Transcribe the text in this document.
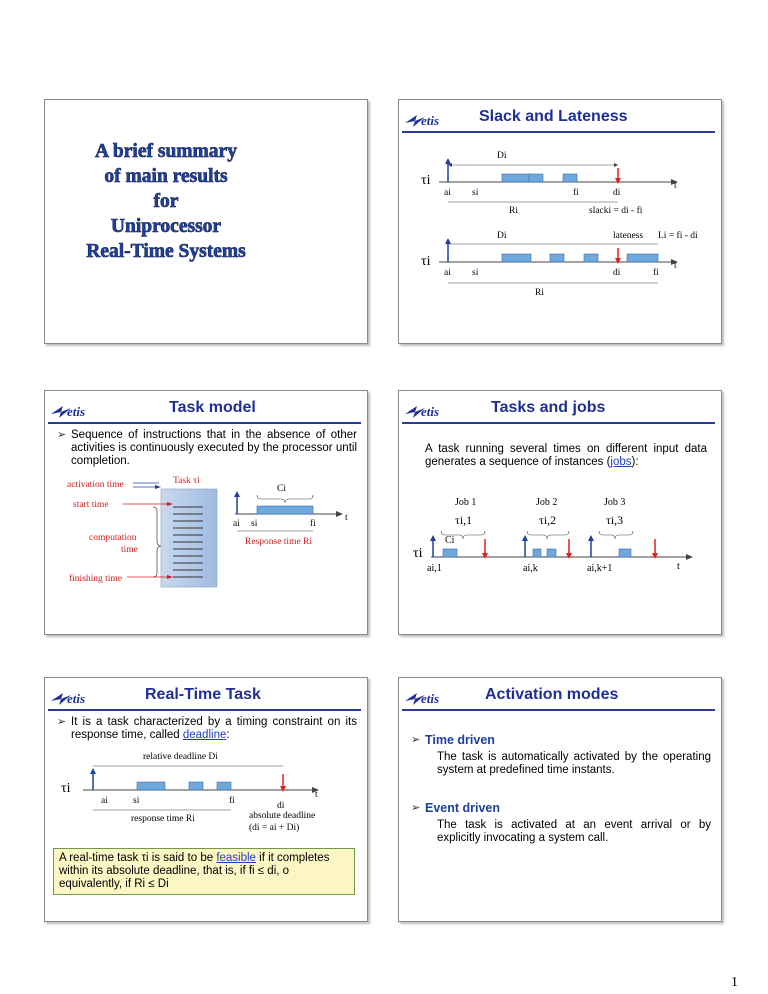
A brief summary
of main results
for
Uniprocessor
Real-Time Systems
etis Slack and Lateness
Di
τi
ai si	fi	di
t
Ri	slacki = di - fi
Di	lateness Li = fi - di
τi
ai si	di	fi
t
Ri
etis	Task model
➢ Sequence of instructions that in the absence of other activities is continuously executed by the processor until completion.
activation time
start time
computation
time
finishing time
Task τi
Ci
ai si	fi
t
Response time Ri
etis	Tasks and jobs
A task running several times on different input data generates a sequence of instances (jobs):
Job 1	Job 2	Job 3
τi,1	τi,2	τi,3
Ci
τi
ai,1	ai,k	ai,k+1	t
etis	Real-Time Task
➢ It is a task characterized by a timing constraint on its response time, called deadline:
relative deadline Di
τi
ai	si	fi	di
t
response time Ri	absolute deadline
(di = ai + Di)
A real-time task τi is said to be feasible if it completes within its absolute deadline, that is, if fi ≤ di, o equivalently, if Ri ≤ Di
etis	Activation modes
➢ Time driven
The task is automatically activated by the operating system at predefined time instants.
➢ Event driven
The task is activated at an event arrival or by explicitly invocating a system call.
1
